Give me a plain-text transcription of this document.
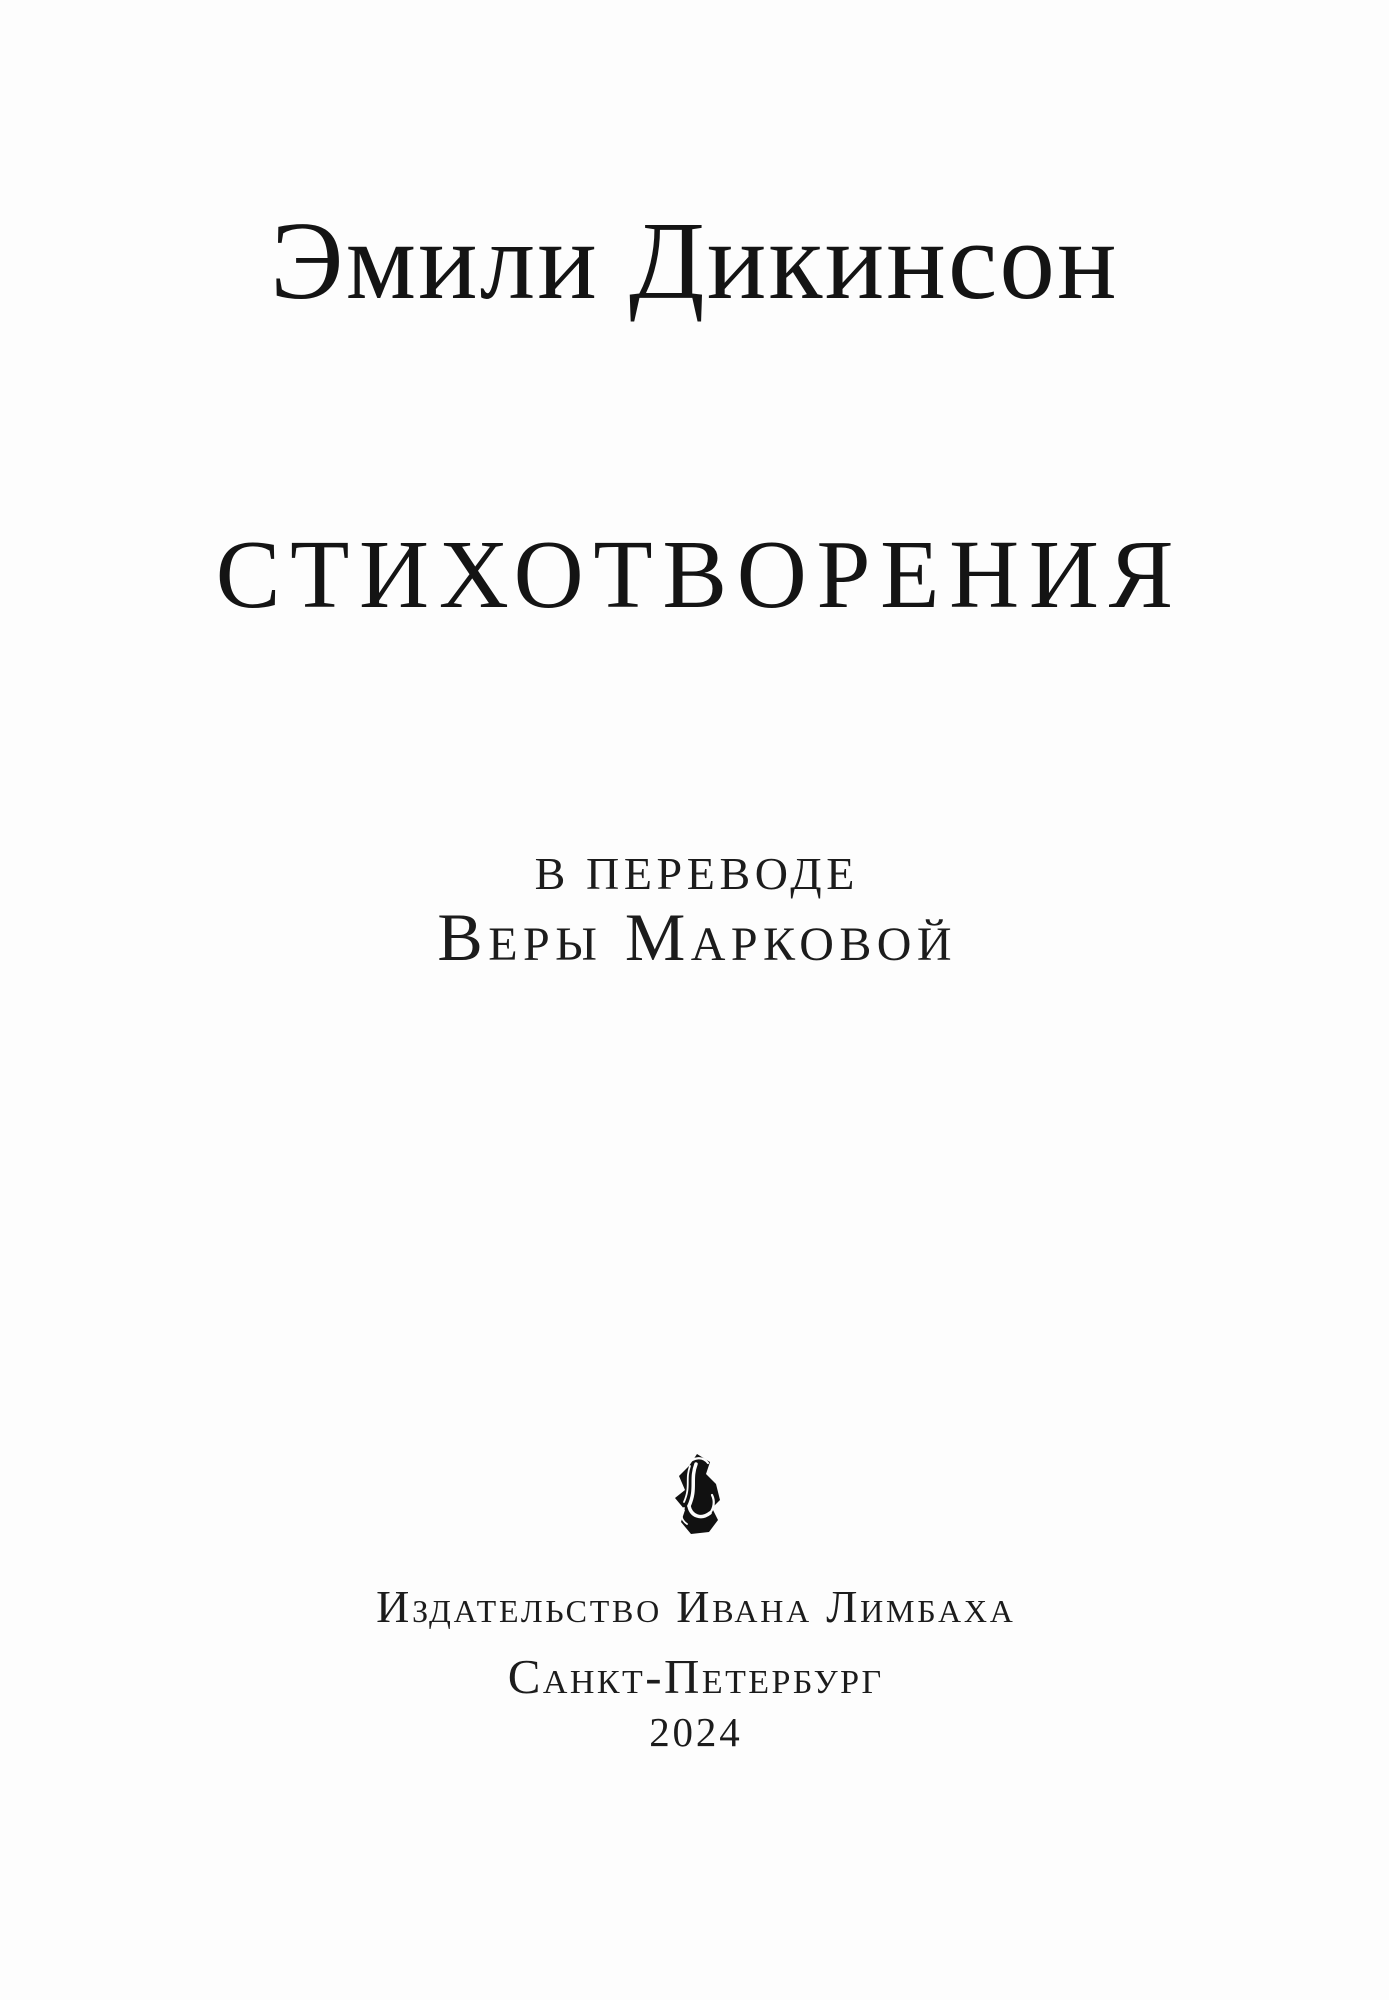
Эмили Дикинсон
СТИХОТВОРЕНИЯ
В ПЕРЕВОДЕ
Веры Марковой
Издательство Ивана Лимбаха
Санкт-Петербург
2024
